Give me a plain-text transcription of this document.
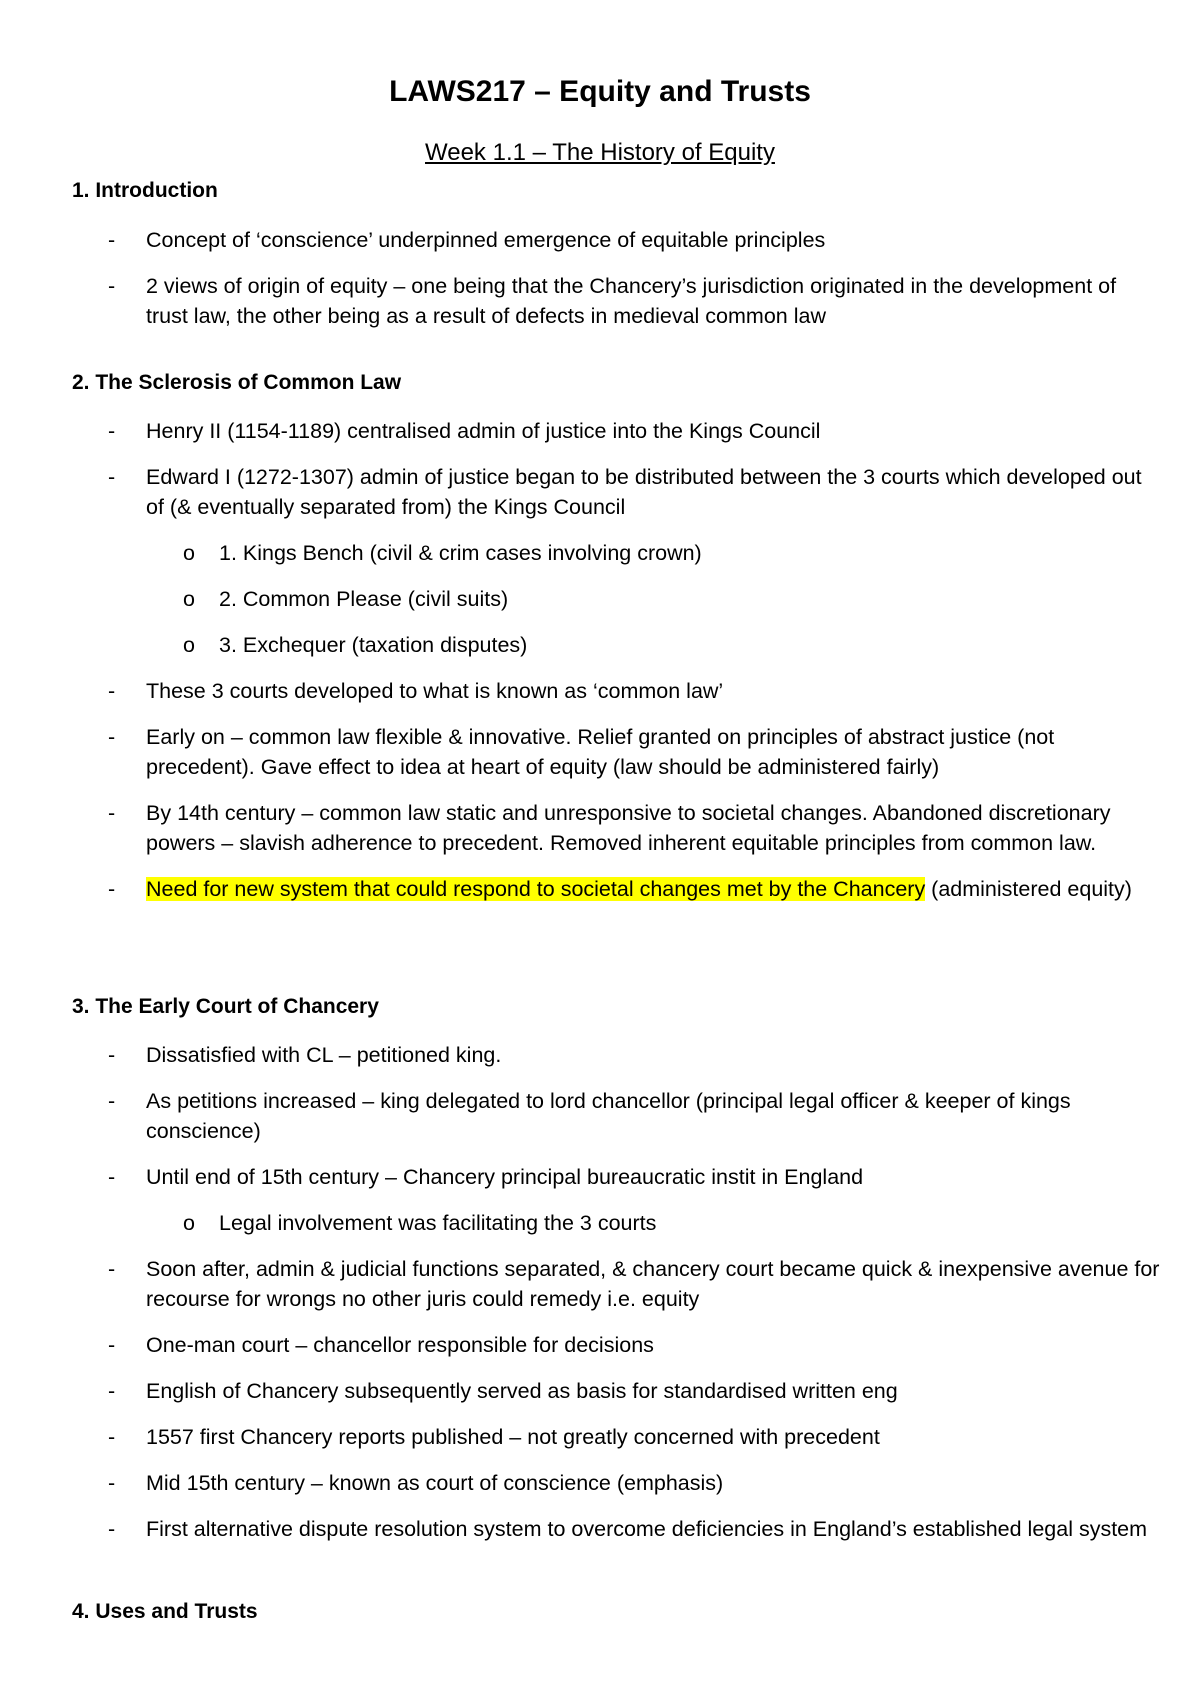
LAWS217 – Equity and Trusts
Week 1.1 – The History of Equity
1. Introduction
-	Concept of ‘conscience’ underpinned emergence of equitable principles
-	2 views of origin of equity – one being that the Chancery’s jurisdiction originated in the development of trust law, the other being as a result of defects in medieval common law
2. The Sclerosis of Common Law
-	Henry II (1154-1189) centralised admin of justice into the Kings Council
-	Edward I (1272-1307) admin of justice began to be distributed between the 3 courts which developed out of (& eventually separated from) the Kings Council
o	1. Kings Bench (civil & crim cases involving crown)
o	2. Common Please (civil suits)
o	3. Exchequer (taxation disputes)
-	These 3 courts developed to what is known as ‘common law’
-	Early on – common law flexible & innovative. Relief granted on principles of abstract justice (not precedent). Gave effect to idea at heart of equity (law should be administered fairly)
-	By 14th century – common law static and unresponsive to societal changes. Abandoned discretionary powers – slavish adherence to precedent. Removed inherent equitable principles from common law.
-	Need for new system that could respond to societal changes met by the Chancery (administered equity)
3. The Early Court of Chancery
-	Dissatisfied with CL – petitioned king.
-	As petitions increased – king delegated to lord chancellor (principal legal officer & keeper of kings conscience)
-	Until end of 15th century – Chancery principal bureaucratic instit in England
o	Legal involvement was facilitating the 3 courts
-	Soon after, admin & judicial functions separated, & chancery court became quick & inexpensive avenue for recourse for wrongs no other juris could remedy i.e. equity
-	One-man court – chancellor responsible for decisions
-	English of Chancery subsequently served as basis for standardised written eng
-	1557 first Chancery reports published – not greatly concerned with precedent
-	Mid 15th century – known as court of conscience (emphasis)
-	First alternative dispute resolution system to overcome deficiencies in England’s established legal system
4. Uses and Trusts
